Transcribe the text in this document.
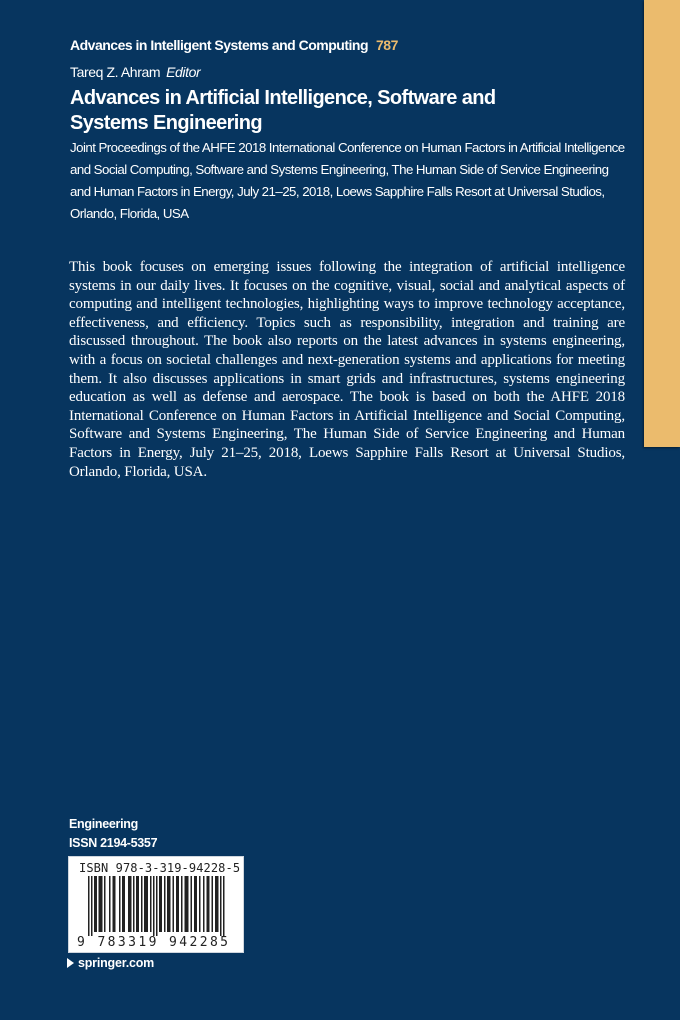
Advances in Intelligent Systems and Computing 787
Tareq Z. Ahram Editor
Advances in Artificial Intelligence, Software and Systems Engineering

Joint Proceedings of the AHFE 2018 International Conference on Human Factors in Artificial Intelligence and Social Computing, Software and Systems Engineering, The Human Side of Service Engineering and Human Factors in Energy, July 21–25, 2018, Loews Sapphire Falls Resort at Universal Studios, Orlando, Florida, USA

This book focuses on emerging issues following the integration of artificial intelligence systems in our daily lives. It focuses on the cognitive, visual, social and analytical aspects of computing and intelligent technologies, highlighting ways to improve technology acceptance, effectiveness, and efficiency. Topics such as responsibility, integration and training are discussed throughout. The book also reports on the latest advances in systems engineering, with a focus on societal challenges and next-generation systems and applications for meeting them. It also discusses applications in smart grids and infrastructures, systems engineering education as well as defense and aerospace. The book is based on both the AHFE 2018 International Conference on Human Factors in Artificial Intelligence and Social Computing, Software and Systems Engineering, The Human Side of Service Engineering and Human Factors in Energy, July 21–25, 2018, Loews Sapphire Falls Resort at Universal Studios, Orlando, Florida, USA.

Engineering
ISSN 2194-5357
ISBN 978-3-319-94228-5
9 783319 942285
springer.com
